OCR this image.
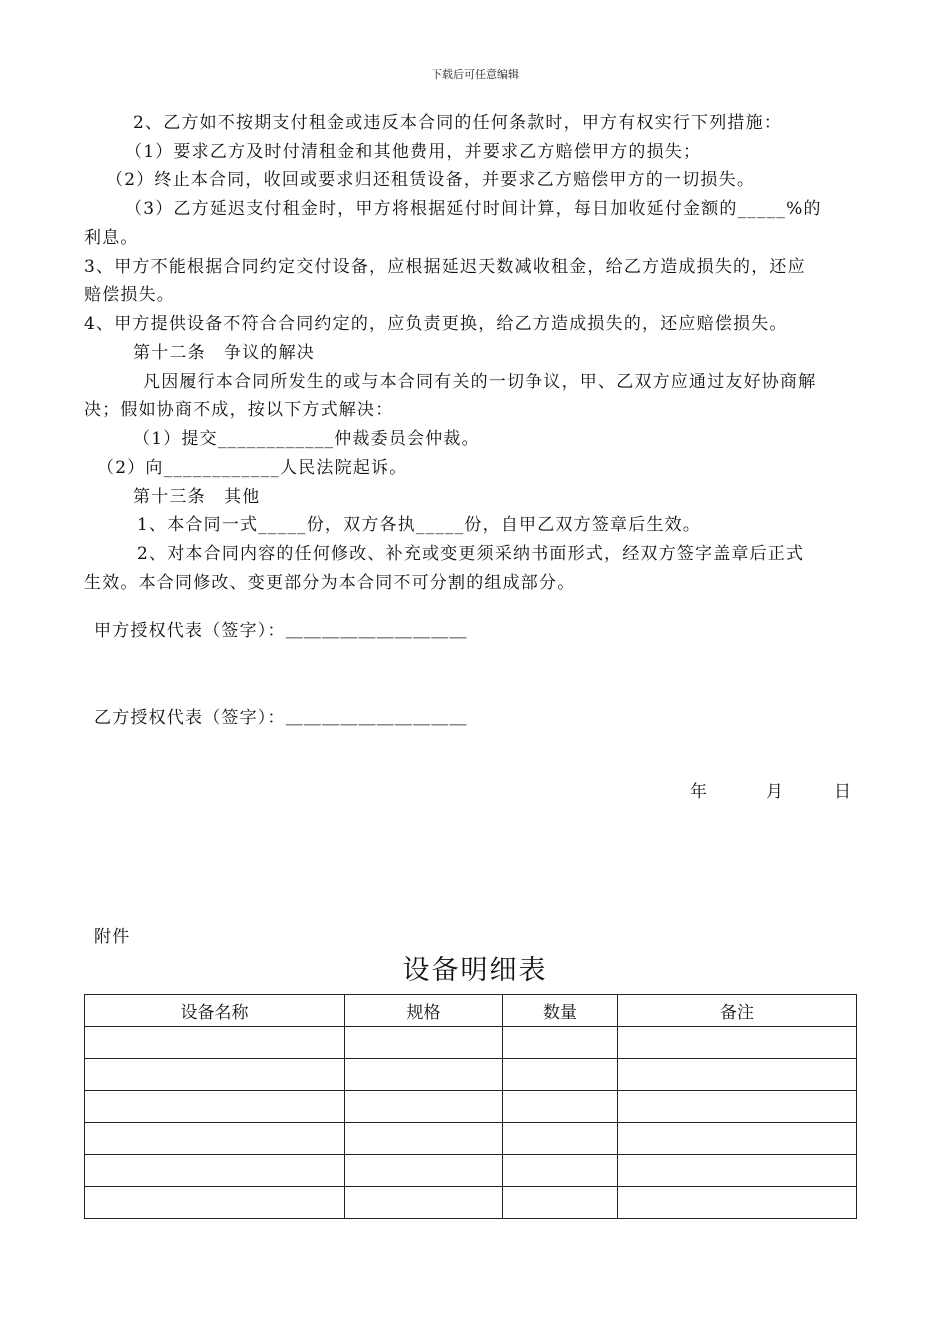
下载后可任意编辑
2、乙方如不按期支付租金或违反本合同的任何条款时，甲方有权实行下列措施：
（1）要求乙方及时付清租金和其他费用，并要求乙方赔偿甲方的损失；
（2）终止本合同，收回或要求归还租赁设备，并要求乙方赔偿甲方的一切损失。
（3）乙方延迟支付租金时，甲方将根据延付时间计算，每日加收延付金额的_____%的
利息。
3、甲方不能根据合同约定交付设备，应根据延迟天数减收租金，给乙方造成损失的，还应
赔偿损失。
4、甲方提供设备不符合合同约定的，应负责更换，给乙方造成损失的，还应赔偿损失。
第十二条　争议的解决
凡因履行本合同所发生的或与本合同有关的一切争议，甲、乙双方应通过友好协商解
决；假如协商不成，按以下方式解决：
（1）提交____________仲裁委员会仲裁。
（2）向____________人民法院起诉。
第十三条　其他
1、本合同一式_____份，双方各执_____份，自甲乙双方签章后生效。
2、对本合同内容的任何修改、补充或变更须采纳书面形式，经双方签字盖章后正式
生效。本合同修改、变更部分为本合同不可分割的组成部分。
甲方授权代表（签字）：＿＿＿＿＿＿＿＿＿＿
乙方授权代表（签字）：＿＿＿＿＿＿＿＿＿＿
年	月	日
附件
设备明细表
设备名称	规格	数量	备注
